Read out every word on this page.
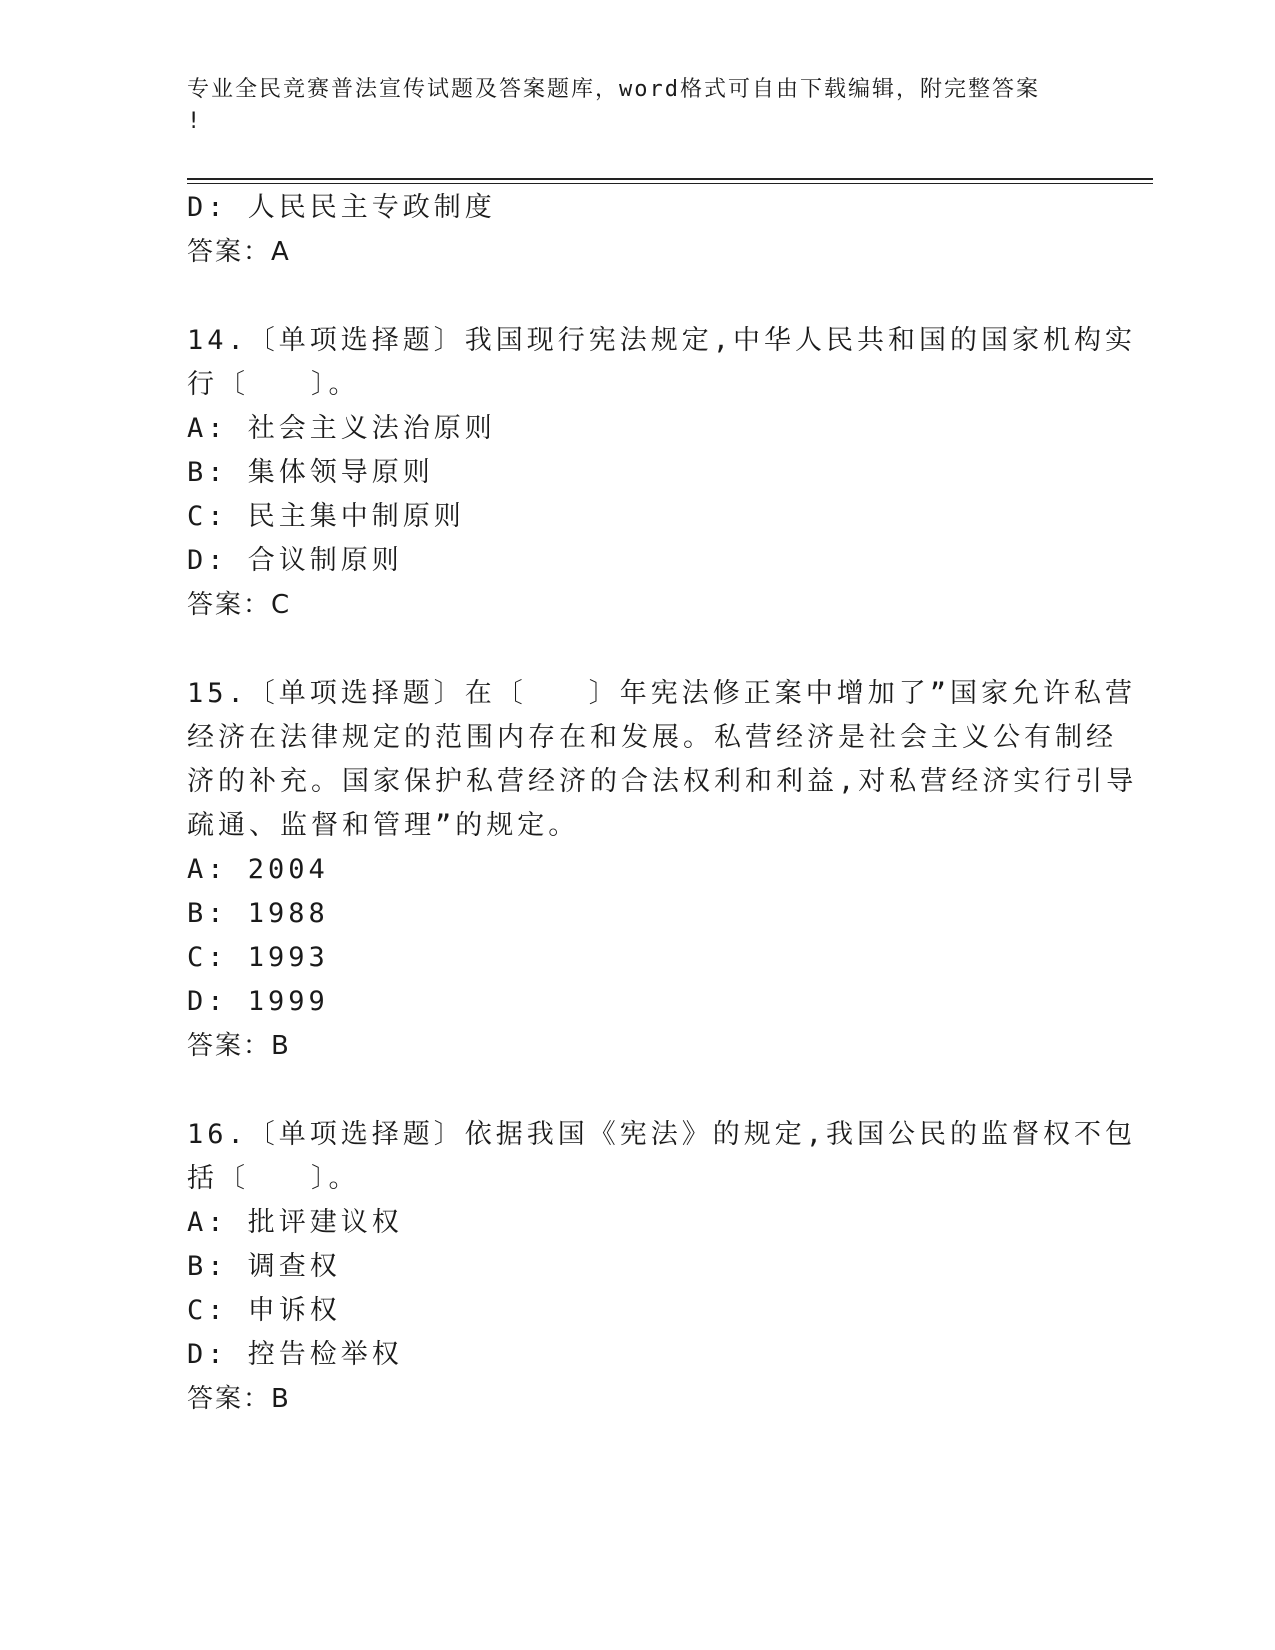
专业全民竞赛普法宣传试题及答案题库，word格式可自由下载编辑，附完整答案
!
D: 人民民主专政制度
答案：A
14.〔单项选择题〕我国现行宪法规定,中华人民共和国的国家机构实
行〔　　〕。
A: 社会主义法治原则
B: 集体领导原则
C: 民主集中制原则
D: 合议制原则
答案：C
15.〔单项选择题〕在〔　　〕年宪法修正案中增加了”国家允许私营
经济在法律规定的范围内存在和发展。私营经济是社会主义公有制经
济的补充。国家保护私营经济的合法权利和利益,对私营经济实行引导
疏通、监督和管理”的规定。
A: 2004
B: 1988
C: 1993
D: 1999
答案：B
16.〔单项选择题〕依据我国《宪法》的规定,我国公民的监督权不包
括〔　　〕。
A: 批评建议权
B: 调查权
C: 申诉权
D: 控告检举权
答案：B
